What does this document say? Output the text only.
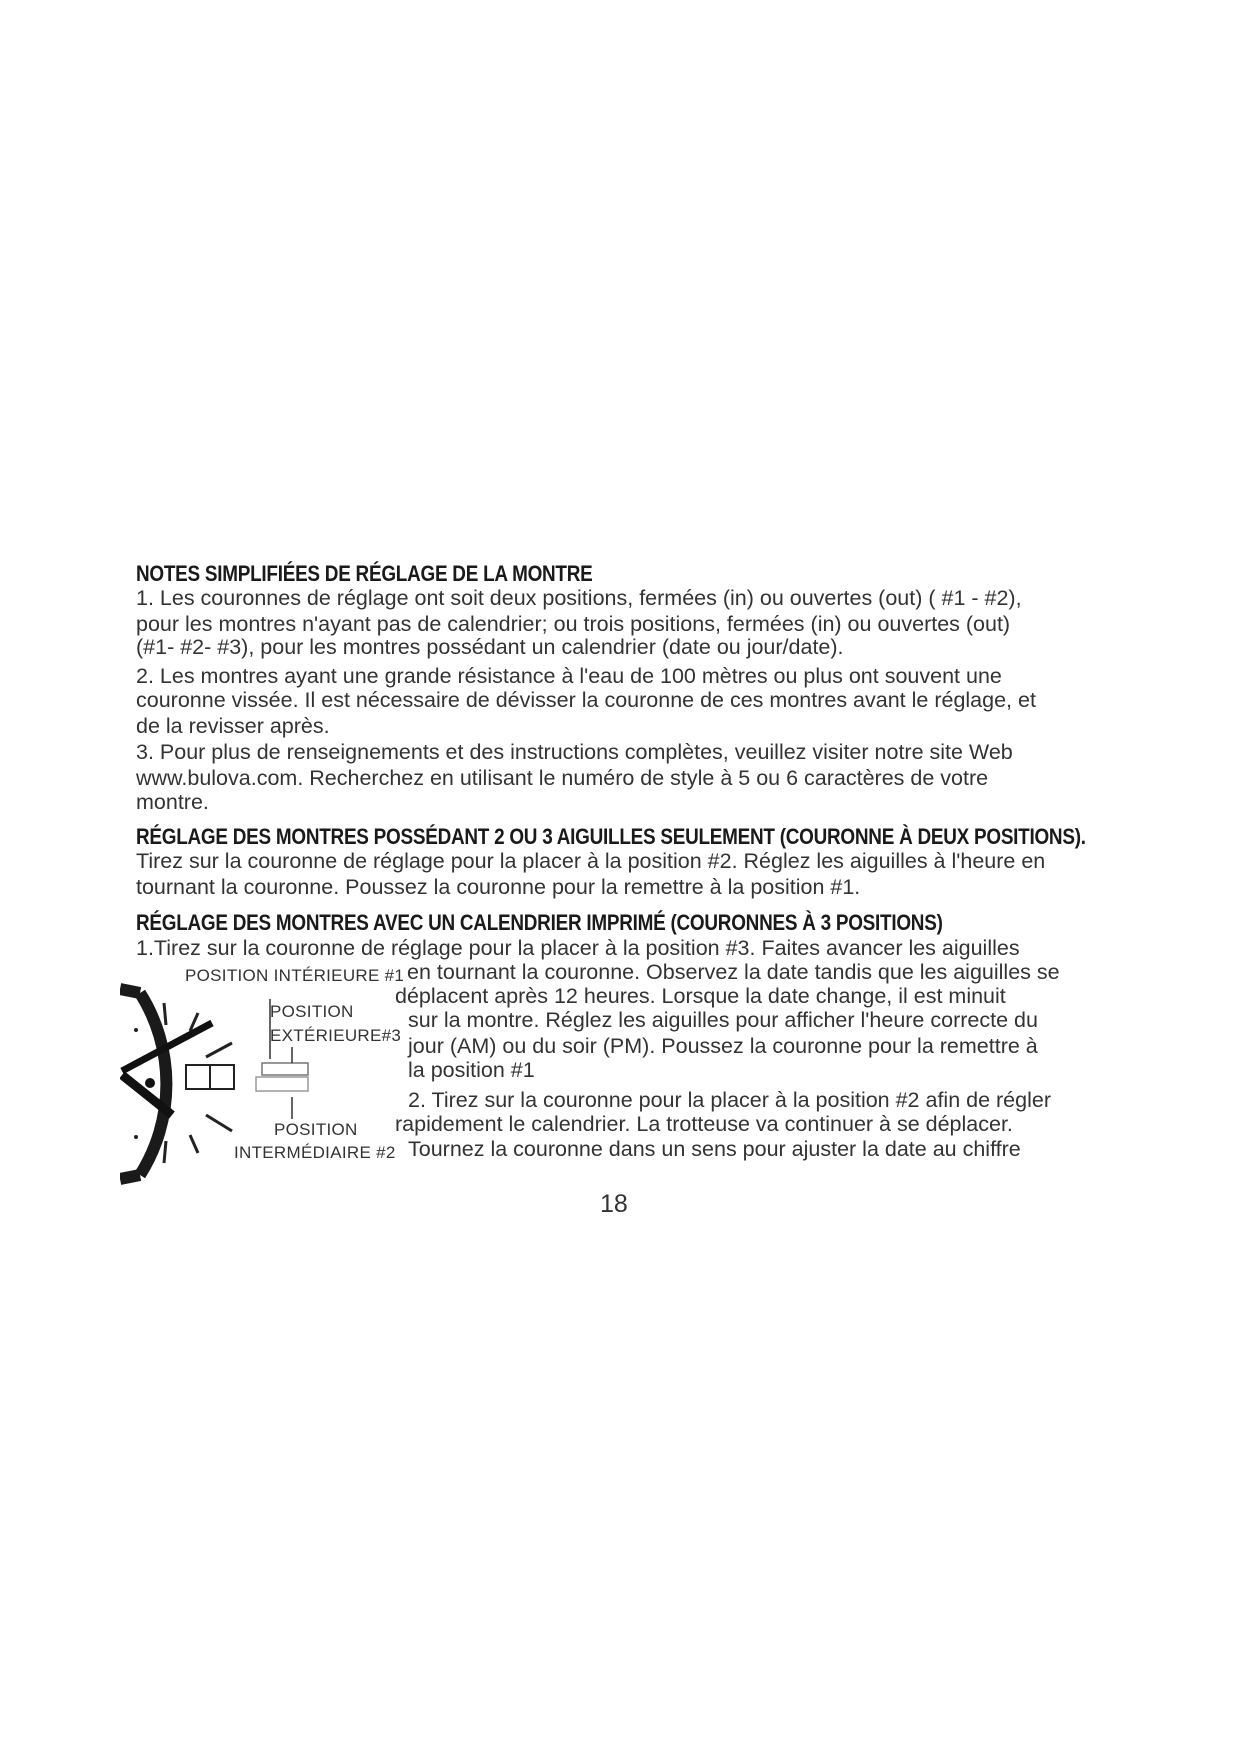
NOTES SIMPLIFIÉES DE RÉGLAGE DE LA MONTRE

1. Les couronnes de réglage ont soit deux positions, fermées (in) ou ouvertes (out) ( #1 - #2),

pour les montres n'ayant pas de calendrier; ou trois positions, fermées (in) ou ouvertes (out)

(#1- #2- #3), pour les montres possédant un calendrier (date ou jour/date).

2. Les montres ayant une grande résistance à l'eau de 100 mètres ou plus ont souvent une

couronne vissée. Il est nécessaire de dévisser la couronne de ces montres avant le réglage, et

de la revisser après.

3. Pour plus de renseignements et des instructions complètes, veuillez visiter notre site Web

www.bulova.com. Recherchez en utilisant le numéro de style à 5 ou 6 caractères de votre

montre.

RÉGLAGE DES MONTRES POSSÉDANT 2 OU 3 AIGUILLES SEULEMENT (COURONNE À DEUX POSITIONS).

Tirez sur la couronne de réglage pour la placer à la position #2. Réglez les aiguilles à l'heure en

tournant la couronne. Poussez la couronne pour la remettre à la position #1.

RÉGLAGE DES MONTRES AVEC UN CALENDRIER IMPRIMÉ (COURONNES À 3 POSITIONS)

1.Tirez sur la couronne de réglage pour la placer à la position #3. Faites avancer les aiguilles

en tournant la couronne. Observez la date tandis que les aiguilles se

déplacent après 12 heures. Lorsque la date change, il est minuit

sur la montre. Réglez les aiguilles pour afficher l'heure correcte du

jour (AM) ou du soir (PM). Poussez la couronne pour la remettre à

la position #1

2. Tirez sur la couronne pour la placer à la position #2 afin de régler

rapidement le calendrier. La trotteuse va continuer à se déplacer.

Tournez la couronne dans un sens pour ajuster la date au chiffre

POSITION INTÉRIEURE #1

POSITION

EXTÉRIEURE#3

POSITION

INTERMÉDIAIRE #2

18
